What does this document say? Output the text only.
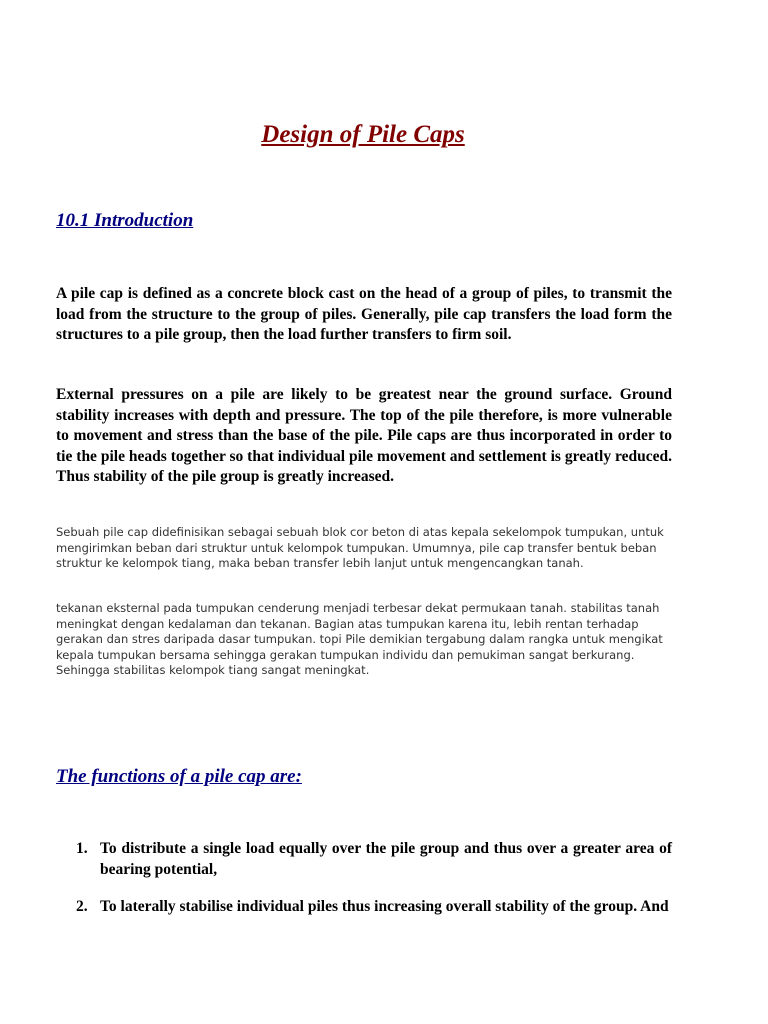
Design of Pile Caps
10.1 Introduction

A pile cap is defined as a concrete block cast on the head of a group of piles, to transmit the load from the structure to the group of piles. Generally, pile cap transfers the load form the structures to a pile group, then the load further transfers to firm soil.

External pressures on a pile are likely to be greatest near the ground surface. Ground stability increases with depth and pressure. The top of the pile therefore, is more vulnerable to movement and stress than the base of the pile. Pile caps are thus incorporated in order to tie the pile heads together so that individual pile movement and settlement is greatly reduced. Thus stability of the pile group is greatly increased.

Sebuah pile cap didefinisikan sebagai sebuah blok cor beton di atas kepala sekelompok tumpukan, untuk mengirimkan beban dari struktur untuk kelompok tumpukan. Umumnya, pile cap transfer bentuk beban struktur ke kelompok tiang, maka beban transfer lebih lanjut untuk mengencangkan tanah.

tekanan eksternal pada tumpukan cenderung menjadi terbesar dekat permukaan tanah. stabilitas tanah meningkat dengan kedalaman dan tekanan. Bagian atas tumpukan karena itu, lebih rentan terhadap gerakan dan stres daripada dasar tumpukan. topi Pile demikian tergabung dalam rangka untuk mengikat kepala tumpukan bersama sehingga gerakan tumpukan individu dan pemukiman sangat berkurang. Sehingga stabilitas kelompok tiang sangat meningkat.

The functions of a pile cap are:
1. To distribute a single load equally over the pile group and thus over a greater area of bearing potential,
2. To laterally stabilise individual piles thus increasing overall stability of the group. And
